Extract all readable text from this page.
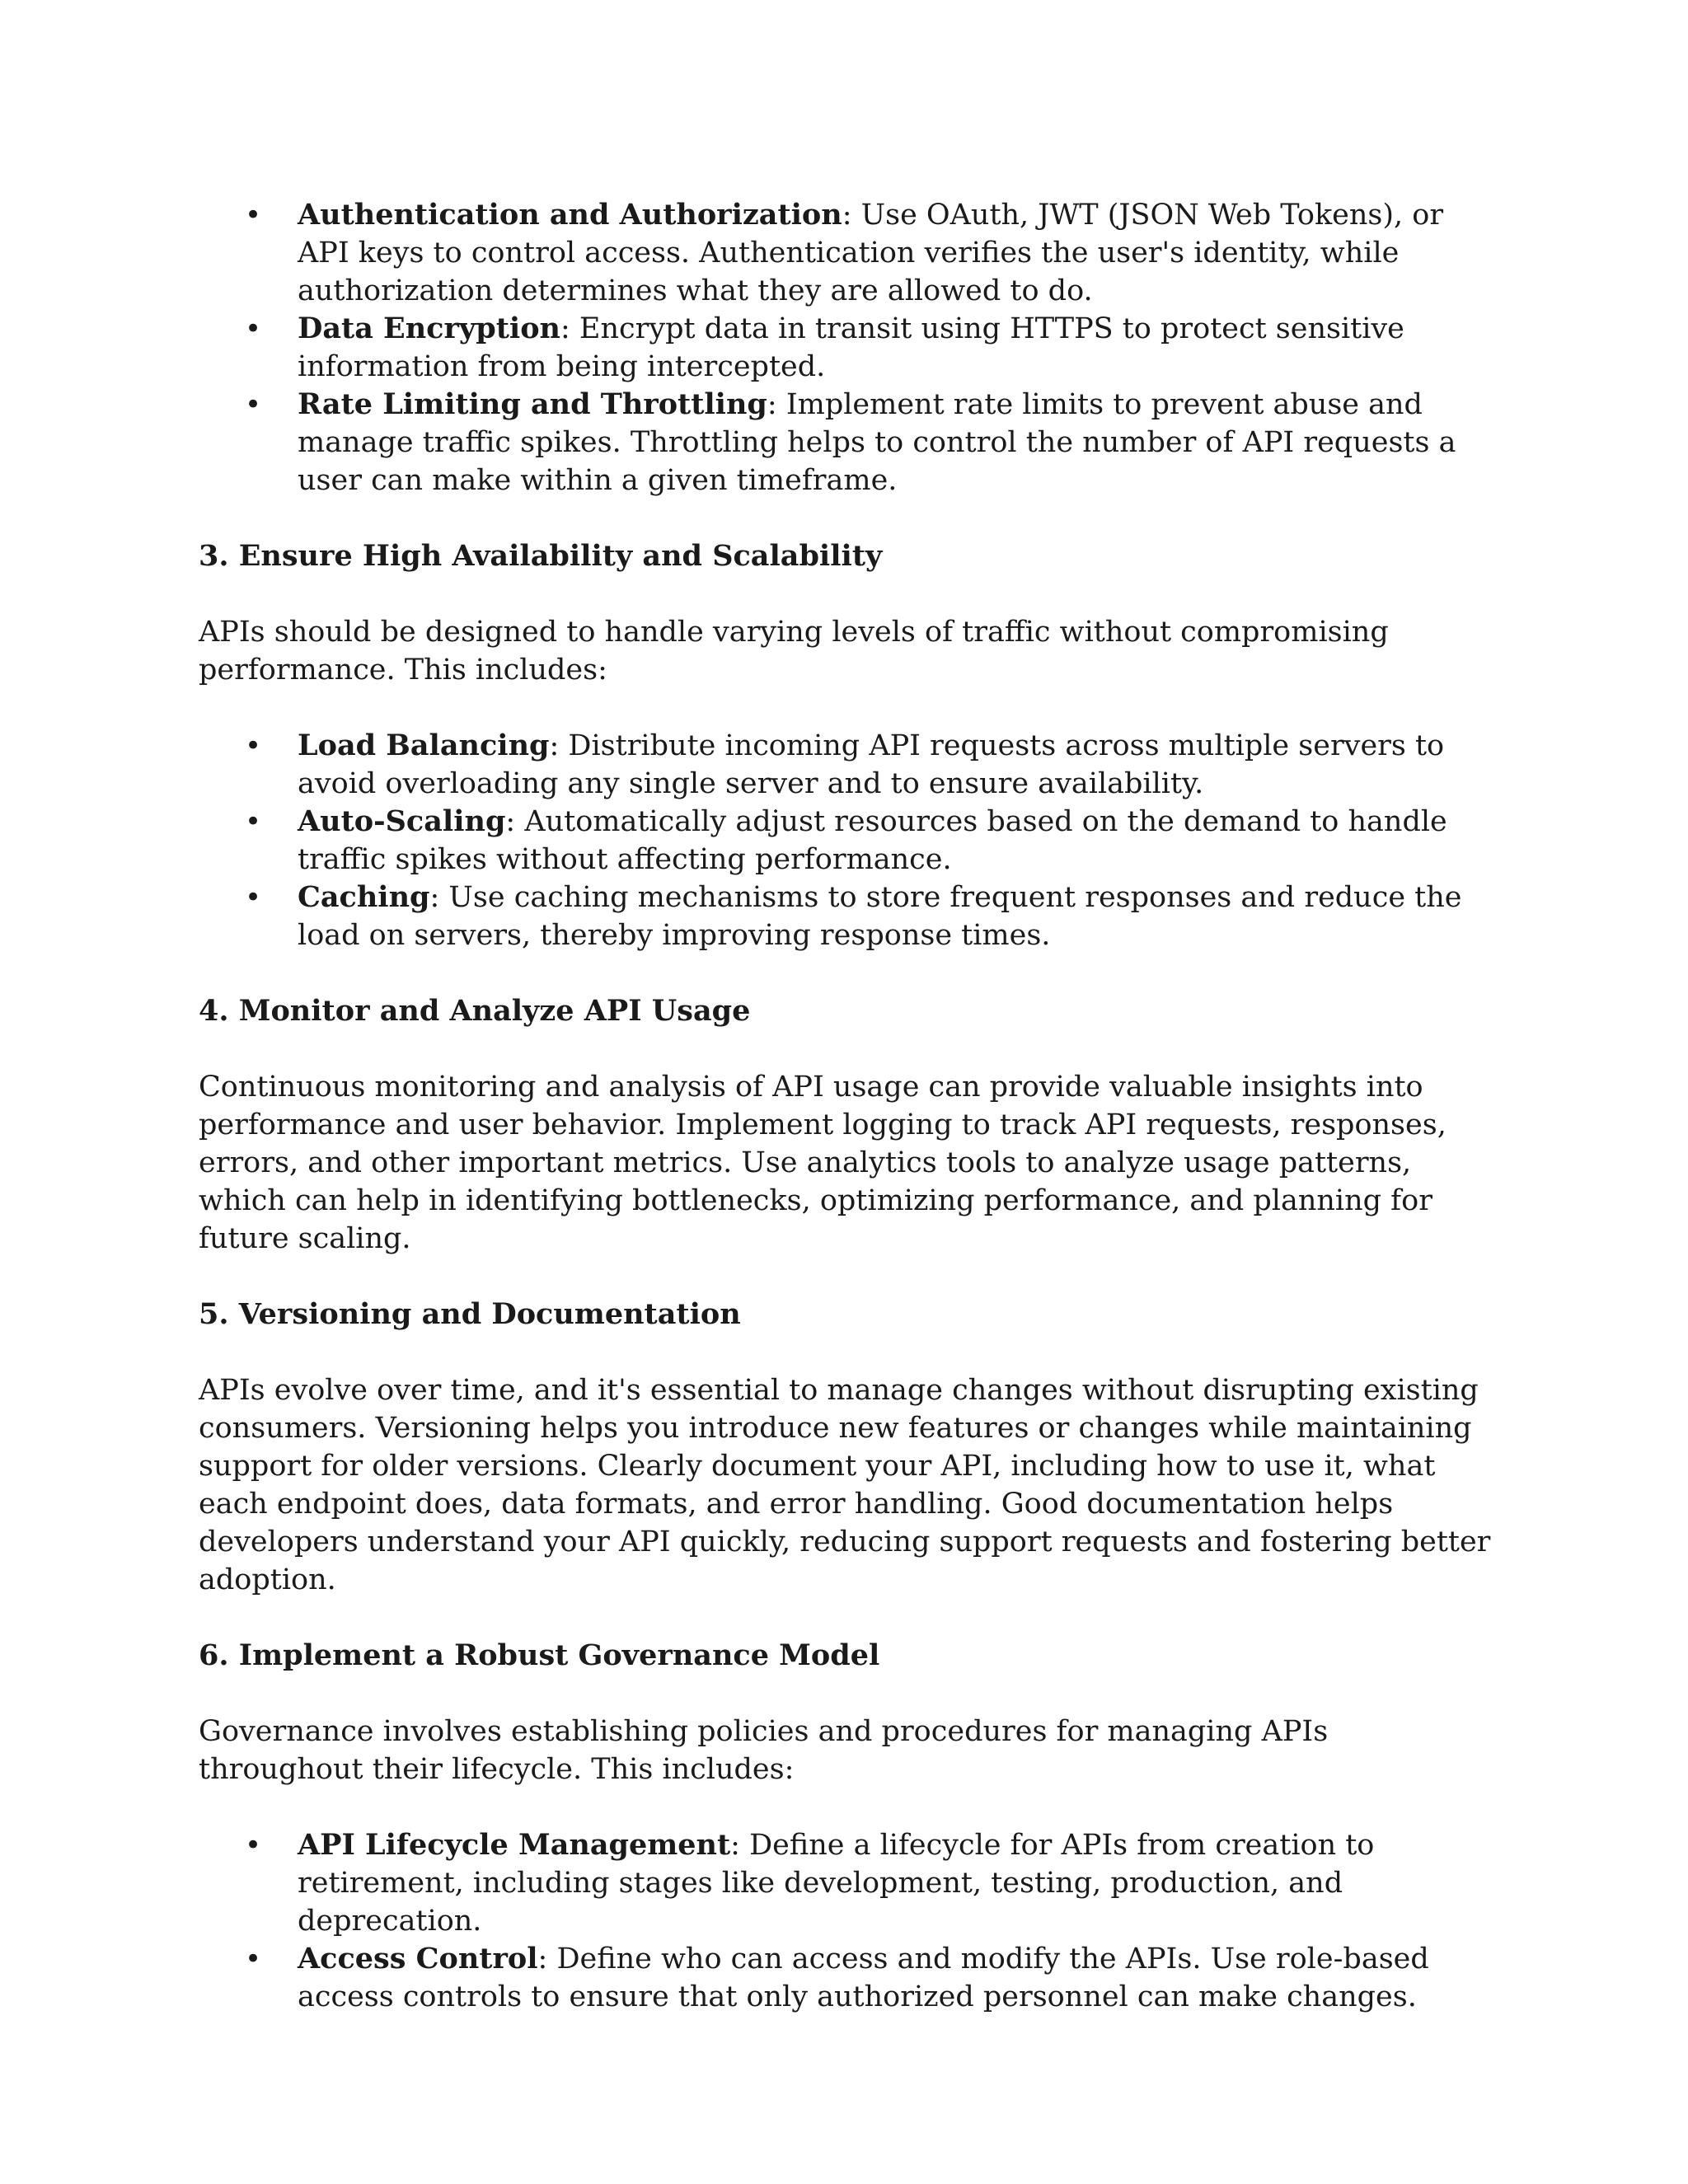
• Authentication and Authorization: Use OAuth, JWT (JSON Web Tokens), or API keys to control access. Authentication verifies the user's identity, while authorization determines what they are allowed to do.
• Data Encryption: Encrypt data in transit using HTTPS to protect sensitive information from being intercepted.
• Rate Limiting and Throttling: Implement rate limits to prevent abuse and manage traffic spikes. Throttling helps to control the number of API requests a user can make within a given timeframe.
3. Ensure High Availability and Scalability

APIs should be designed to handle varying levels of traffic without compromising performance. This includes:

• Load Balancing: Distribute incoming API requests across multiple servers to avoid overloading any single server and to ensure availability.
• Auto-Scaling: Automatically adjust resources based on the demand to handle traffic spikes without affecting performance.
• Caching: Use caching mechanisms to store frequent responses and reduce the load on servers, thereby improving response times.
4. Monitor and Analyze API Usage

Continuous monitoring and analysis of API usage can provide valuable insights into performance and user behavior. Implement logging to track API requests, responses, errors, and other important metrics. Use analytics tools to analyze usage patterns, which can help in identifying bottlenecks, optimizing performance, and planning for future scaling.

5. Versioning and Documentation

APIs evolve over time, and it's essential to manage changes without disrupting existing consumers. Versioning helps you introduce new features or changes while maintaining support for older versions. Clearly document your API, including how to use it, what each endpoint does, data formats, and error handling. Good documentation helps developers understand your API quickly, reducing support requests and fostering better adoption.

6. Implement a Robust Governance Model

Governance involves establishing policies and procedures for managing APIs throughout their lifecycle. This includes:

• API Lifecycle Management: Define a lifecycle for APIs from creation to retirement, including stages like development, testing, production, and deprecation.
• Access Control: Define who can access and modify the APIs. Use role-based access controls to ensure that only authorized personnel can make changes.
